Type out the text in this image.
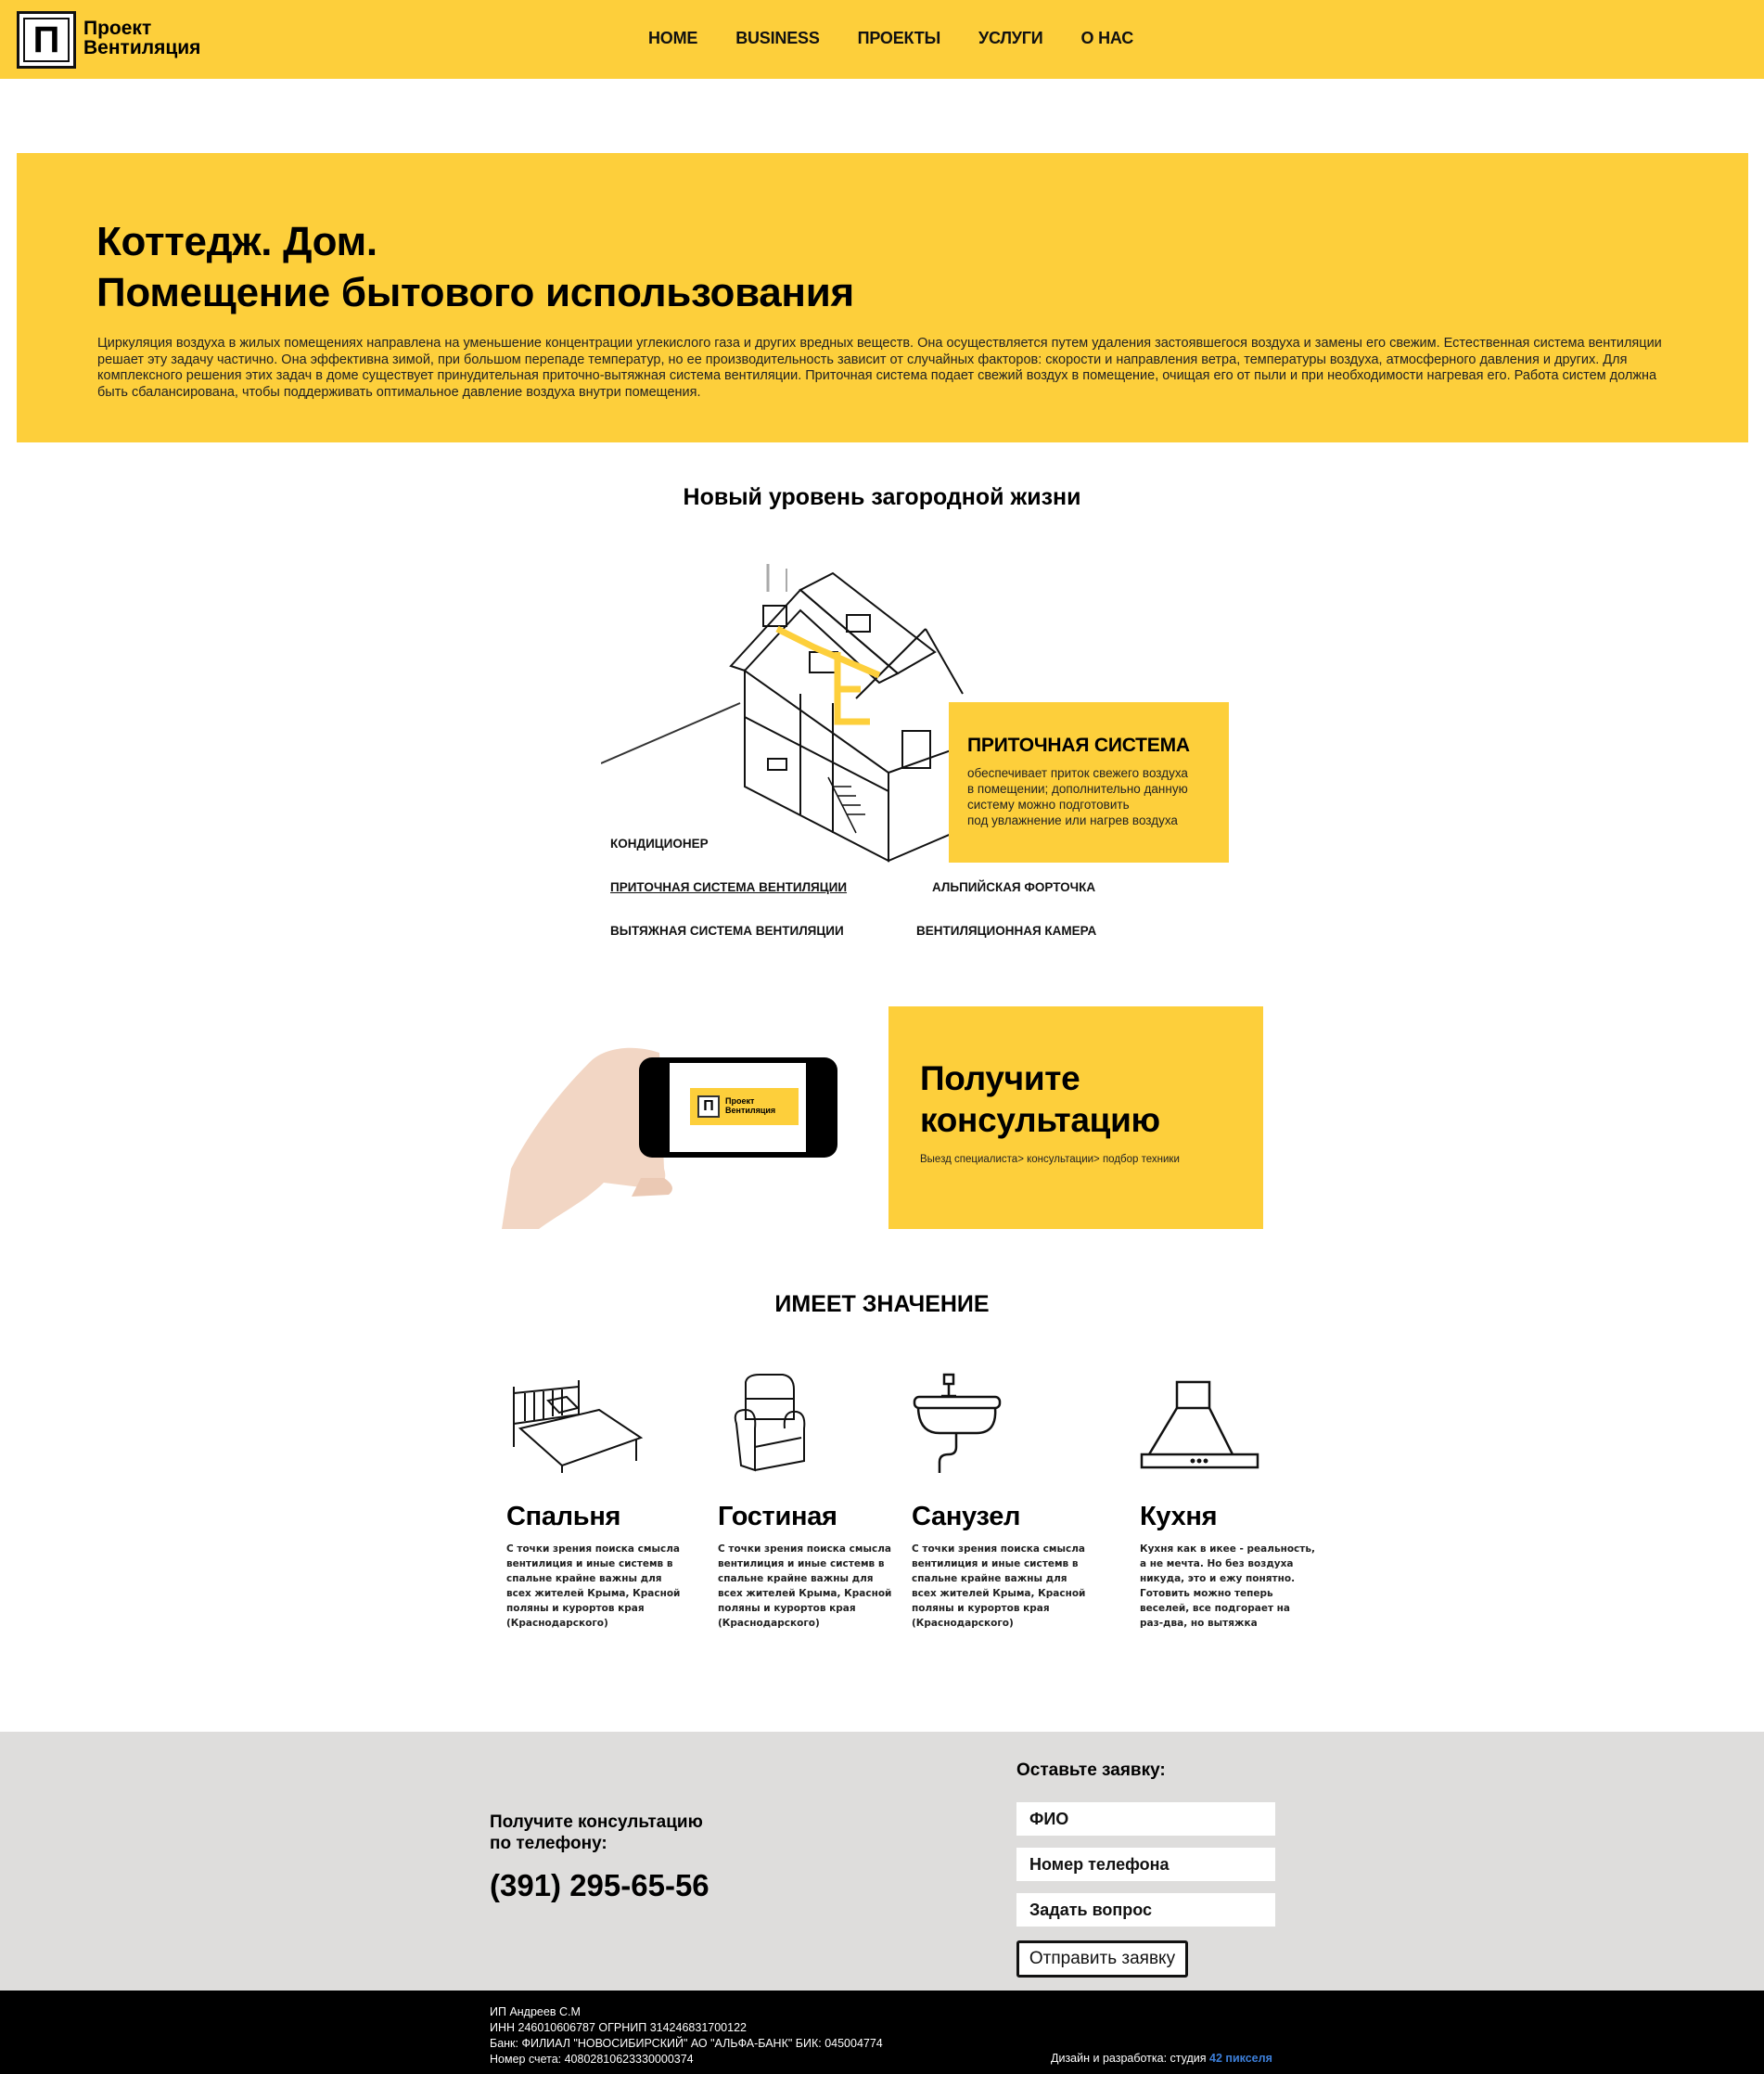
П	Проект
Вентиляция	HOME BUSINESS ПРОЕКТЫ УСЛУГИ О НАС
Коттедж. Дом.
Помещение бытового использования

Циркуляция воздуха в жилых помещениях направлена на уменьшение концентрации углекислого газа и других вредных веществ. Она осуществляется путем удаления застоявшегося воздуха и замены его свежим. Естественная система вентиляции решает эту задачу частично. Она эффективна зимой, при большом перепаде температур, но ее производительность зависит от случайных факторов: скорости и направления ветра, температуры воздуха, атмосферного давления и других. Для комплексного решения этих задач в доме существует принудительная приточно-вытяжная система вентиляции. Приточная система подает свежий воздух в помещение, очищая его от пыли и при необходимости нагревая его. Работа систем должна быть сбалансирована, чтобы поддерживать оптимальное давление воздуха внутри помещения.

Новый уровень загородной жизни
ПРИТОЧНАЯ СИСТЕМА

обеспечивает приток свежего воздуха
в помещении; дополнительно данную
систему можно подготовить
под увлажнение или нагрев воздуха

КОНДИЦИОНЕР
ПРИТОЧНАЯ СИСТЕМА ВЕНТИЛЯЦИИ	АЛЬПИЙСКАЯ ФОРТОЧКА
ВЫТЯЖНАЯ СИСТЕМА ВЕНТИЛЯЦИИ	ВЕНТИЛЯЦИОННАЯ КАМЕРА
П	Проект
Вентиляция
Получите
консультацию

Выезд специалиста> консультации> подбор техники

ИМЕЕТ ЗНАЧЕНИЕ
Спальня

С точки зрения поиска смысла вентилиция и иные системв в спальне крайне важны для всех жителей Крыма, Красной поляны и курортов края (Краснодарского)

Гостиная

С точки зрения поиска смысла вентилиция и иные системв в спальне крайне важны для всех жителей Крыма, Красной поляны и курортов края (Краснодарского)

Санузел

С точки зрения поиска смысла вентилиция и иные системв в спальне крайне важны для всех жителей Крыма, Красной поляны и курортов края (Краснодарского)

Кухня

Кухня как в икее - реальность, а не мечта. Но без воздуха никуда, это и ежу понятно. Готовить можно теперь веселей, все подгорает на раз-два, но вытяжка

Получите консультацию
по телефону:
(391) 295-65-56
Оставьте заявку:
ФИО
Номер телефона
Задать вопрос
Отправить заявку
ИП Андреев С.М
ИНН 246010606787 ОГРНИП 314246831700122
Банк: ФИЛИАЛ "НОВОСИБИРСКИЙ" АО "АЛЬФА-БАНК" БИК: 045004774
Номер счета: 40802810623330000374	Дизайн и разработка: студия 42 пикселя
